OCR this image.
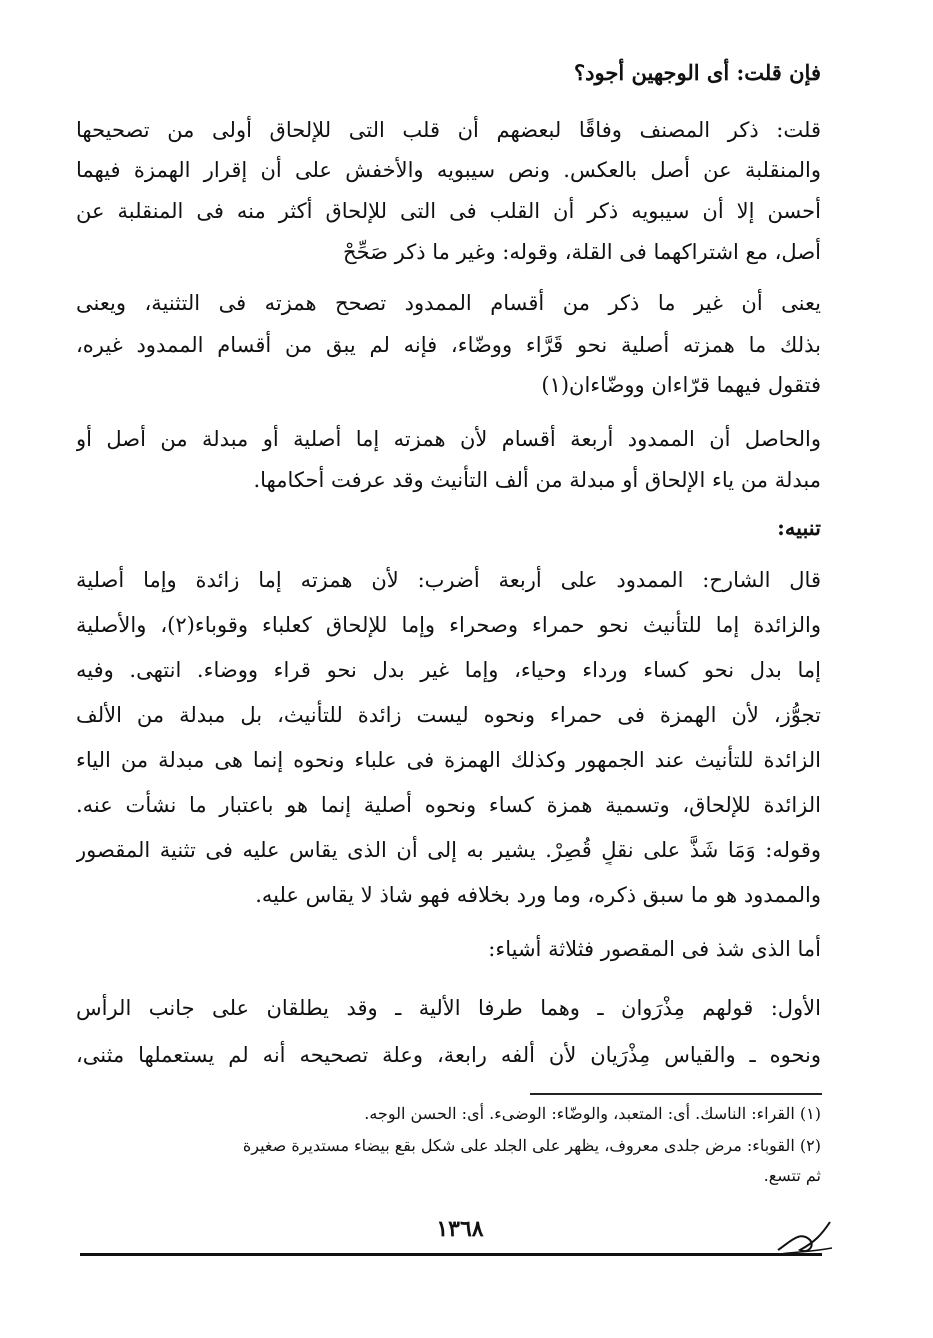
فإن قلت: أى الوجهين أجود؟
قلت: ذكر المصنف وفاقًا لبعضهم أن قلب التى للإلحاق أولى من تصحيحها
والمنقلبة عن أصل بالعكس. ونص سيبويه والأخفش على أن إقرار الهمزة فيهما
أحسن إلا أن سيبويه ذكر أن القلب فى التى للإلحاق أكثر منه فى المنقلبة عن
أصل، مع اشتراكهما فى القلة، وقوله: وغير ما ذكر صَحِّحْ
يعنى أن غير ما ذكر من أقسام الممدود تصحح همزته فى التثنية، ويعنى
بذلك ما همزته أصلية نحو قَرَّاء ووضّاء، فإنه لم يبق من أقسام الممدود غيره،
فتقول فيهما قرّاءان ووضّاءان(١)
والحاصل أن الممدود أربعة أقسام لأن همزته إما أصلية أو مبدلة من أصل أو
مبدلة من ياء الإلحاق أو مبدلة من ألف التأنيث وقد عرفت أحكامها.
تنبيه:
قال الشارح: الممدود على أربعة أضرب: لأن همزته إما زائدة وإما أصلية
والزائدة إما للتأنيث نحو حمراء وصحراء وإما للإلحاق كعلباء وقوباء(٢)، والأصلية
إما بدل نحو كساء ورداء وحياء، وإما غير بدل نحو قراء ووضاء. انتهى. وفيه
تجوُّز، لأن الهمزة فى حمراء ونحوه ليست زائدة للتأنيث، بل مبدلة من الألف
الزائدة للتأنيث عند الجمهور وكذلك الهمزة فى علباء ونحوه إنما هى مبدلة من الياء
الزائدة للإلحاق، وتسمية همزة كساء ونحوه أصلية إنما هو باعتبار ما نشأت عنه.
وقوله: وَمَا شَذَّ على نقلٍ قُصِرْ. يشير به إلى أن الذى يقاس عليه فى تثنية المقصور
والممدود هو ما سبق ذكره، وما ورد بخلافه فهو شاذ لا يقاس عليه.
أما الذى شذ فى المقصور فثلاثة أشياء:
الأول: قولهم مِذْرَوان ـ وهما طرفا الألية ـ وقد يطلقان على جانب الرأس
ونحوه ـ والقياس مِذْرَيان لأن ألفه رابعة، وعلة تصحيحه أنه لم يستعملها مثنى،
(١) القراء: الناسك. أى: المتعبد، والوضّاء: الوضىء. أى: الحسن الوجه.
(٢) القوباء: مرض جلدى معروف، يظهر على الجلد على شكل بقع بيضاء مستديرة صغيرة
ثم تتسع.
١٣٦٨
